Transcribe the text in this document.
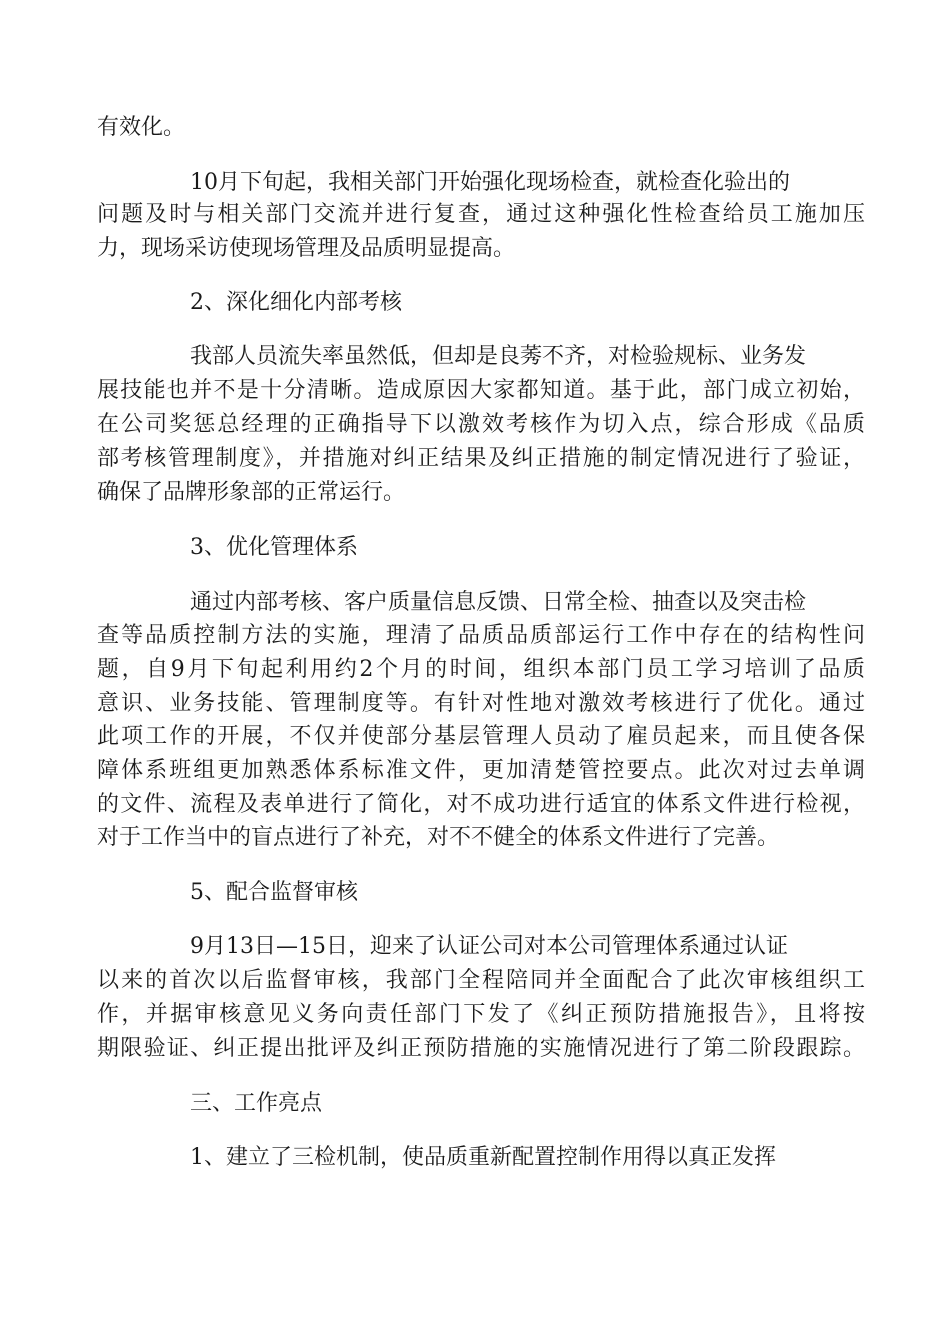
有效化。

10月下旬起，我相关部门开始强化现场检查，就检查化验出的

问题及时与相关部门交流并进行复查，通过这种强化性检查给员工施加压

力，现场采访使现场管理及品质明显提高。

2、深化细化内部考核

我部人员流失率虽然低，但却是良莠不齐，对检验规标、业务发

展技能也并不是十分清晰。造成原因大家都知道。基于此，部门成立初始，

在公司奖惩总经理的正确指导下以激效考核作为切入点，综合形成《品质

部考核管理制度》，并措施对纠正结果及纠正措施的制定情况进行了验证，

确保了品牌形象部的正常运行。

3、优化管理体系

通过内部考核、客户质量信息反馈、日常全检、抽查以及突击检

查等品质控制方法的实施，理清了品质品质部运行工作中存在的结构性问

题，自9月下旬起利用约2个月的时间，组织本部门员工学习培训了品质

意识、业务技能、管理制度等。有针对性地对激效考核进行了优化。通过

此项工作的开展，不仅并使部分基层管理人员动了雇员起来，而且使各保

障体系班组更加熟悉体系标准文件，更加清楚管控要点。此次对过去单调

的文件、流程及表单进行了简化，对不成功进行适宜的体系文件进行检视，

对于工作当中的盲点进行了补充，对不不健全的体系文件进行了完善。

5、配合监督审核

9月13日—15日，迎来了认证公司对本公司管理体系通过认证

以来的首次以后监督审核，我部门全程陪同并全面配合了此次审核组织工

作，并据审核意见义务向责任部门下发了《纠正预防措施报告》，且将按

期限验证、纠正提出批评及纠正预防措施的实施情况进行了第二阶段跟踪。

三、工作亮点

1、建立了三检机制，使品质重新配置控制作用得以真正发挥
